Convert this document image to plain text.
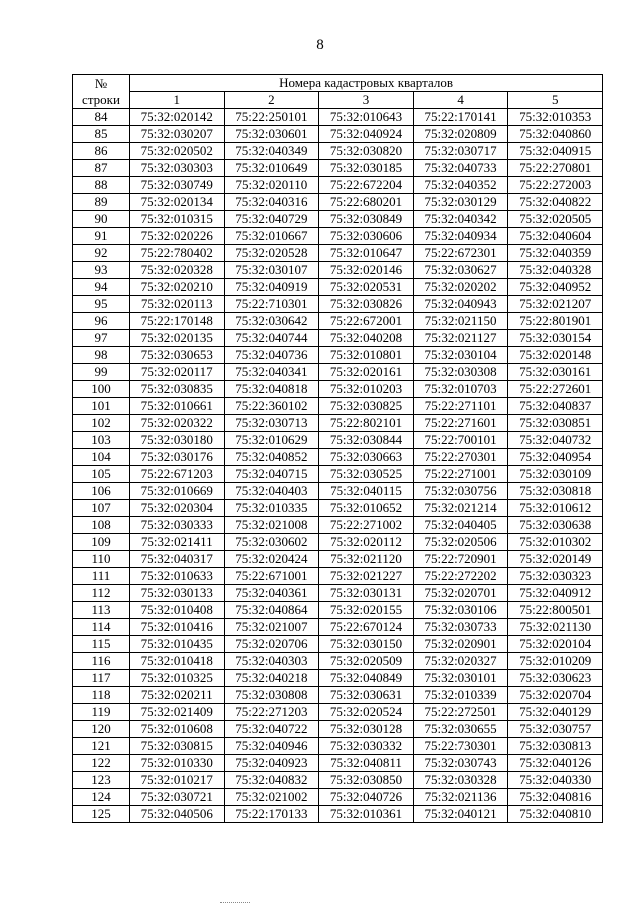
8
№
строки	Номера кадастровых кварталов				
	1	2	3	4	5
84	75:32:020142	75:22:250101	75:32:010643	75:22:170141	75:32:010353
85	75:32:030207	75:32:030601	75:32:040924	75:32:020809	75:32:040860
86	75:32:020502	75:32:040349	75:32:030820	75:32:030717	75:32:040915
87	75:32:030303	75:32:010649	75:32:030185	75:32:040733	75:22:270801
88	75:32:030749	75:32:020110	75:22:672204	75:32:040352	75:22:272003
89	75:32:020134	75:32:040316	75:22:680201	75:32:030129	75:32:040822
90	75:32:010315	75:32:040729	75:32:030849	75:32:040342	75:32:020505
91	75:32:020226	75:32:010667	75:32:030606	75:32:040934	75:32:040604
92	75:22:780402	75:32:020528	75:32:010647	75:22:672301	75:32:040359
93	75:32:020328	75:32:030107	75:32:020146	75:32:030627	75:32:040328
94	75:32:020210	75:32:040919	75:32:020531	75:32:020202	75:32:040952
95	75:32:020113	75:22:710301	75:32:030826	75:32:040943	75:32:021207
96	75:22:170148	75:32:030642	75:22:672001	75:32:021150	75:22:801901
97	75:32:020135	75:32:040744	75:32:040208	75:32:021127	75:32:030154
98	75:32:030653	75:32:040736	75:32:010801	75:32:030104	75:32:020148
99	75:32:020117	75:32:040341	75:32:020161	75:32:030308	75:32:030161
100	75:32:030835	75:32:040818	75:32:010203	75:32:010703	75:22:272601
101	75:32:010661	75:22:360102	75:32:030825	75:22:271101	75:32:040837
102	75:32:020322	75:32:030713	75:22:802101	75:22:271601	75:32:030851
103	75:32:030180	75:32:010629	75:32:030844	75:22:700101	75:32:040732
104	75:32:030176	75:32:040852	75:32:030663	75:22:270301	75:32:040954
105	75:22:671203	75:32:040715	75:32:030525	75:22:271001	75:32:030109
106	75:32:010669	75:32:040403	75:32:040115	75:32:030756	75:32:030818
107	75:32:020304	75:32:010335	75:32:010652	75:32:021214	75:32:010612
108	75:32:030333	75:32:021008	75:22:271002	75:32:040405	75:32:030638
109	75:32:021411	75:32:030602	75:32:020112	75:32:020506	75:32:010302
110	75:32:040317	75:32:020424	75:32:021120	75:22:720901	75:32:020149
111	75:32:010633	75:22:671001	75:32:021227	75:22:272202	75:32:030323
112	75:32:030133	75:32:040361	75:32:030131	75:32:020701	75:32:040912
113	75:32:010408	75:32:040864	75:32:020155	75:32:030106	75:22:800501
114	75:32:010416	75:32:021007	75:22:670124	75:32:030733	75:32:021130
115	75:32:010435	75:32:020706	75:32:030150	75:32:020901	75:32:020104
116	75:32:010418	75:32:040303	75:32:020509	75:32:020327	75:32:010209
117	75:32:010325	75:32:040218	75:32:040849	75:32:030101	75:32:030623
118	75:32:020211	75:32:030808	75:32:030631	75:32:010339	75:32:020704
119	75:32:021409	75:22:271203	75:32:020524	75:22:272501	75:32:040129
120	75:32:010608	75:32:040722	75:32:030128	75:32:030655	75:32:030757
121	75:32:030815	75:32:040946	75:32:030332	75:22:730301	75:32:030813
122	75:32:010330	75:32:040923	75:32:040811	75:32:030743	75:32:040126
123	75:32:010217	75:32:040832	75:32:030850	75:32:030328	75:32:040330
124	75:32:030721	75:32:021002	75:32:040726	75:32:021136	75:32:040816
125	75:32:040506	75:22:170133	75:32:010361	75:32:040121	75:32:040810
